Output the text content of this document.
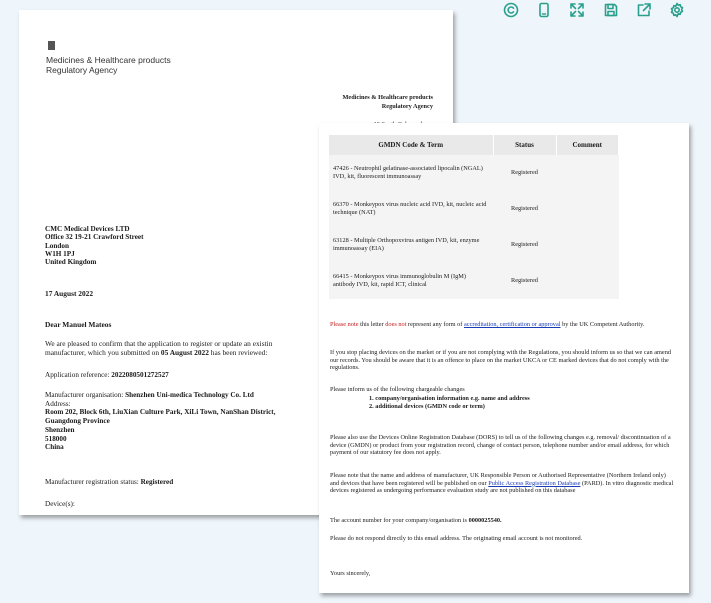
Medicines & Healthcare products
Regulatory Agency
Medicines & Healthcare products
Regulatory Agency
CMC Medical Devices LTD
Office 32 19-21 Crawford Street
London
W1H 1PJ
United Kingdom
17 August 2022
Dear Manuel Mateos
We are pleased to confirm that the application to register or update an existin
manufacturer, which you submitted on 05 August 2022 has been reviewed:
Application reference: 2022080501272527
Manufacturer organisation: Shenzhen Uni-medica Technology Co. Ltd
Address:
Room 202, Block 6th, LiuXian Culture Park, XiLi Town, NanShan District,
Guangdong Province
Shenzhen
518000
China
Manufacturer registration status: Registered
Device(s):
GMDN Code & Term	Status	Comment
47426 - Neutrophil gelatinase-associated lipocalin (NGAL) IVD, kit, fluorescent immunoassay	Registered	
66370 - Monkeypox virus nucleic acid IVD, kit, nucleic acid technique (NAT)	Registered	
63128 - Multiple Orthopoxvirus antigen IVD, kit, enzyme immunoassay (EIA)	Registered	
66415 - Monkeypox virus immunoglobulin M (IgM) antibody IVD, kit, rapid ICT, clinical	Registered	
Please note this letter does not represent any form of accreditation, certification or approval by the UK Competent Authority.
If you stop placing devices on the market or if you are not complying with the Regulations, you should inform us so that we can amend our records. You should be aware that it is an offence to place on the market UKCA or CE marked devices that do not comply with the regulations.
Please inform us of the following chargeable changes
1. company/organisation information e.g. name and address
2. additional devices (GMDN code or term)
Please also use the Devices Online Registration Database (DORS) to tell us of the following changes e.g. removal/ discontinuation of a device (GMDN) or product from your registration record, change of contact person, telephone number and/or email address, for which payment of our statutory fee does not apply.
Please note that the name and address of manufacturer, UK Responsible Person or Authorised Representative (Northern Ireland only) and devices that have been registered will be published on our Public Access Registration Database (PARD). In vitro diagnostic medical devices registered as undergoing performance evaluation study are not published on this database
The account number for your company/organisation is 0000025540.
Please do not respond directly to this email address. The originating email account is not monitored.
Yours sincerely,
